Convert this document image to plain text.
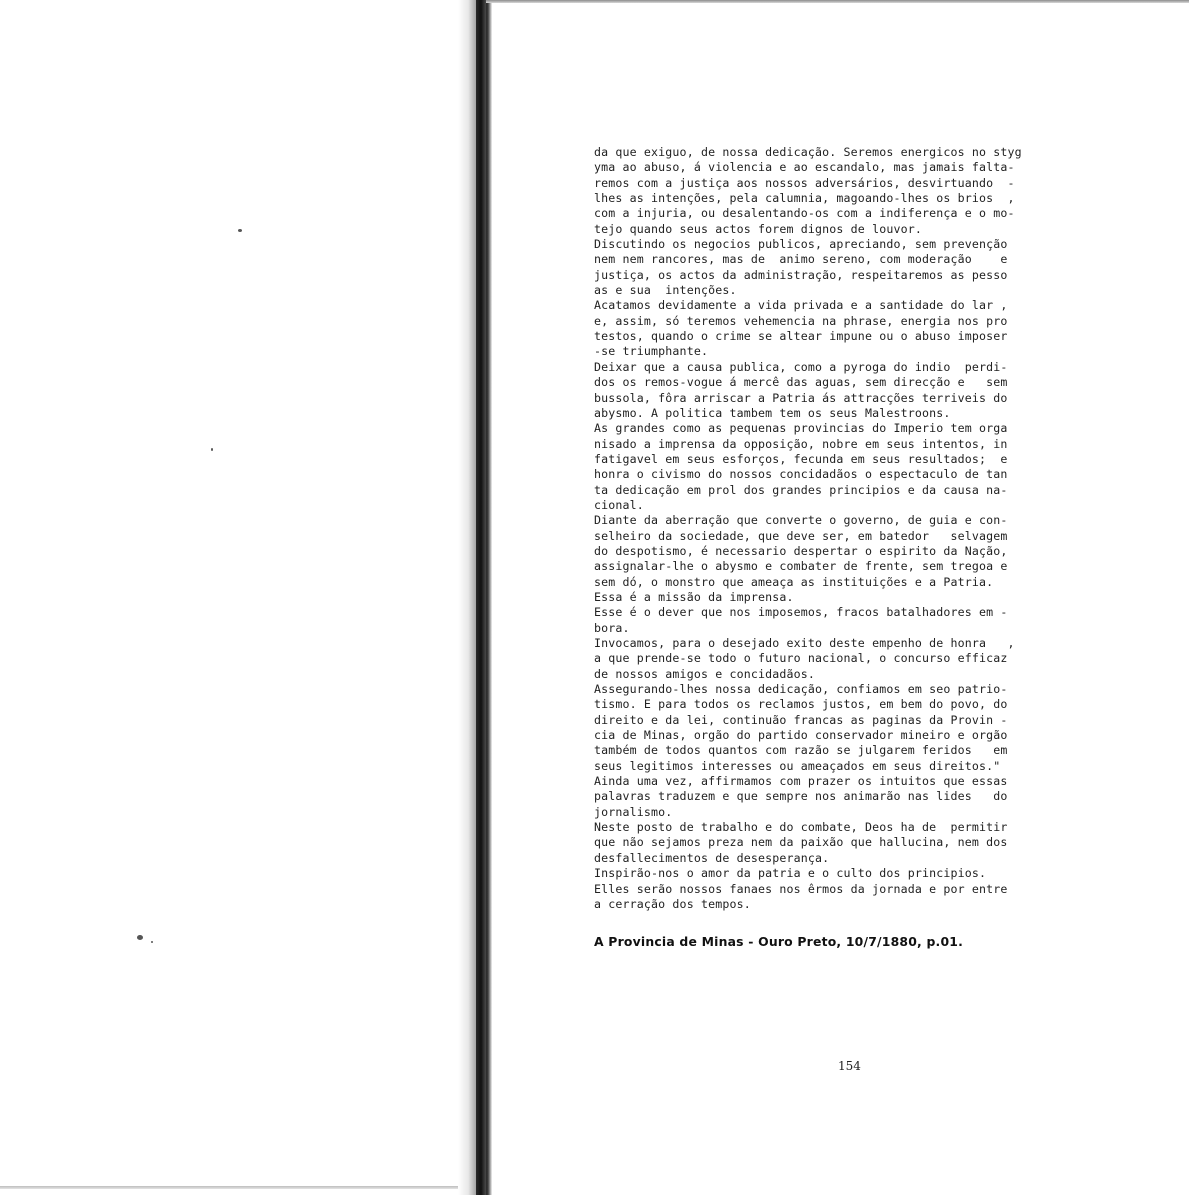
da que exiguo, de nossa dedicação. Seremos energicos no styg
yma ao abuso, á violencia e ao escandalo, mas jamais falta-
remos com a justiça aos nossos adversários, desvirtuando  -
lhes as intenções, pela calumnia, magoando-lhes os brios  ,
com a injuria, ou desalentando-os com a indiferença e o mo-
tejo quando seus actos forem dignos de louvor.
Discutindo os negocios publicos, apreciando, sem prevenção
nem nem rancores, mas de  animo sereno, com moderação    e
justiça, os actos da administração, respeitaremos as pesso
as e sua  intenções.
Acatamos devidamente a vida privada e a santidade do lar ,
e, assim, só teremos vehemencia na phrase, energia nos pro
testos, quando o crime se altear impune ou o abuso imposer
-se triumphante.
Deixar que a causa publica, como a pyroga do indio  perdi-
dos os remos-vogue á mercê das aguas, sem direcção e   sem
bussola, fôra arriscar a Patria ás attracções terriveis do
abysmo. A politica tambem tem os seus Malestroons.
As grandes como as pequenas provincias do Imperio tem orga
nisado a imprensa da opposição, nobre em seus intentos, in
fatigavel em seus esforços, fecunda em seus resultados;  e
honra o civismo do nossos concidadãos o espectaculo de tan
ta dedicação em prol dos grandes principios e da causa na-
cional.
Diante da aberração que converte o governo, de guia e con-
selheiro da sociedade, que deve ser, em batedor   selvagem
do despotismo, é necessario despertar o espirito da Nação,
assignalar-lhe o abysmo e combater de frente, sem tregoa e
sem dó, o monstro que ameaça as instituições e a Patria.
Essa é a missão da imprensa.
Esse é o dever que nos imposemos, fracos batalhadores em -
bora.
Invocamos, para o desejado exito deste empenho de honra   ,
a que prende-se todo o futuro nacional, o concurso efficaz
de nossos amigos e concidadãos.
Assegurando-lhes nossa dedicação, confiamos em seo patrio-
tismo. E para todos os reclamos justos, em bem do povo, do
direito e da lei, continuão francas as paginas da Provin -
cia de Minas, orgão do partido conservador mineiro e orgão
também de todos quantos com razão se julgarem feridos   em
seus legitimos interesses ou ameaçados em seus direitos."
Ainda uma vez, affirmamos com prazer os intuitos que essas
palavras traduzem e que sempre nos animarão nas lides   do
jornalismo.
Neste posto de trabalho e do combate, Deos ha de  permitir
que não sejamos preza nem da paixão que hallucina, nem dos
desfallecimentos de desesperança.
Inspirão-nos o amor da patria e o culto dos principios.
Elles serão nossos fanaes nos êrmos da jornada e por entre
a cerração dos tempos.

A Provincia de Minas - Ouro Preto, 10/7/1880, p.01.

154
